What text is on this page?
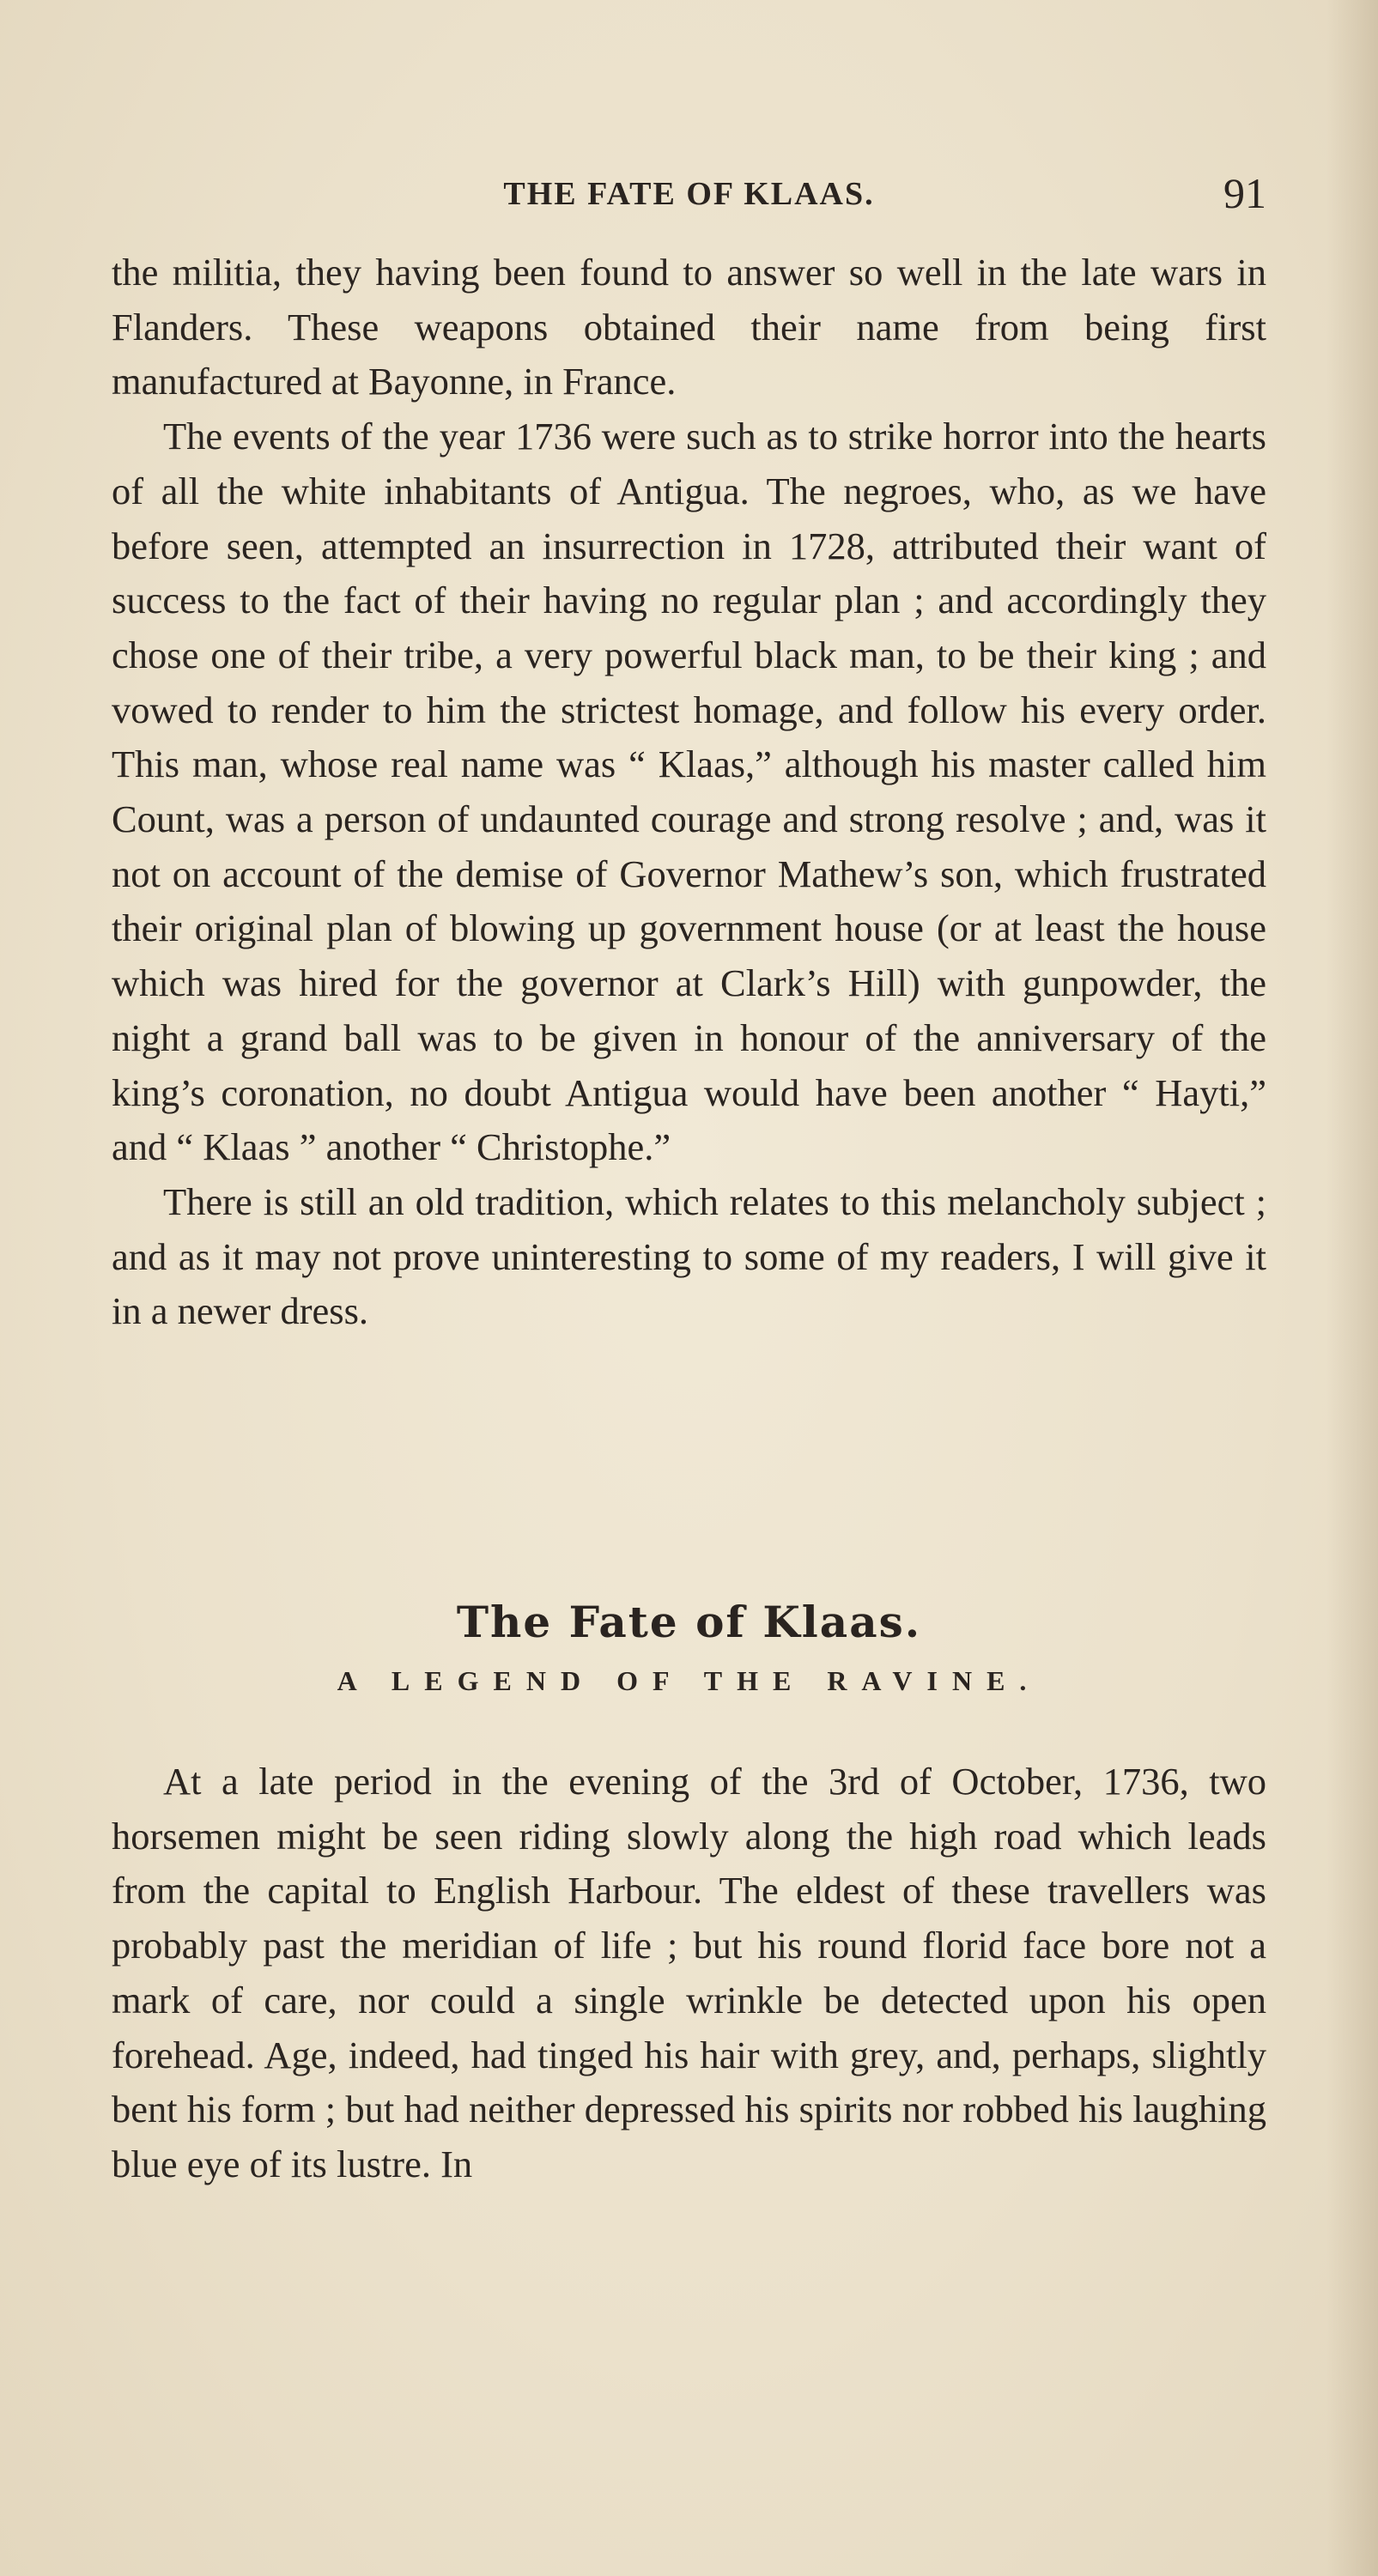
THE FATE OF KLAAS.	91

the militia, they having been found to answer so well in the late wars in Flanders. These weapons obtained their name from being first manufactured at Bayonne, in France.

The events of the year 1736 were such as to strike horror into the hearts of all the white inhabitants of Antigua. The negroes, who, as we have before seen, attempted an insurrection in 1728, attributed their want of success to the fact of their having no regular plan ; and accordingly they chose one of their tribe, a very powerful black man, to be their king ; and vowed to render to him the strictest homage, and follow his every order. This man, whose real name was “ Klaas,” although his master called him Count, was a person of undaunted courage and strong resolve ; and, was it not on account of the demise of Governor Mathew’s son, which frustrated their original plan of blowing up government house (or at least the house which was hired for the governor at Clark’s Hill) with gunpowder, the night a grand ball was to be given in honour of the anniversary of the king’s coronation, no doubt Antigua would have been another “ Hayti,” and “ Klaas ” another “ Christophe.”

There is still an old tradition, which relates to this melancholy subject ; and as it may not prove uninteresting to some of my readers, I will give it in a newer dress.

The Fate of Klaas.
A LEGEND OF THE RAVINE.

At a late period in the evening of the 3rd of October, 1736, two horsemen might be seen riding slowly along the high road which leads from the capital to English Harbour. The eldest of these travellers was probably past the meridian of life ; but his round florid face bore not a mark of care, nor could a single wrinkle be detected upon his open forehead. Age, indeed, had tinged his hair with grey, and, perhaps, slightly bent his form ; but had neither depressed his spirits nor robbed his laughing blue eye of its lustre. In
